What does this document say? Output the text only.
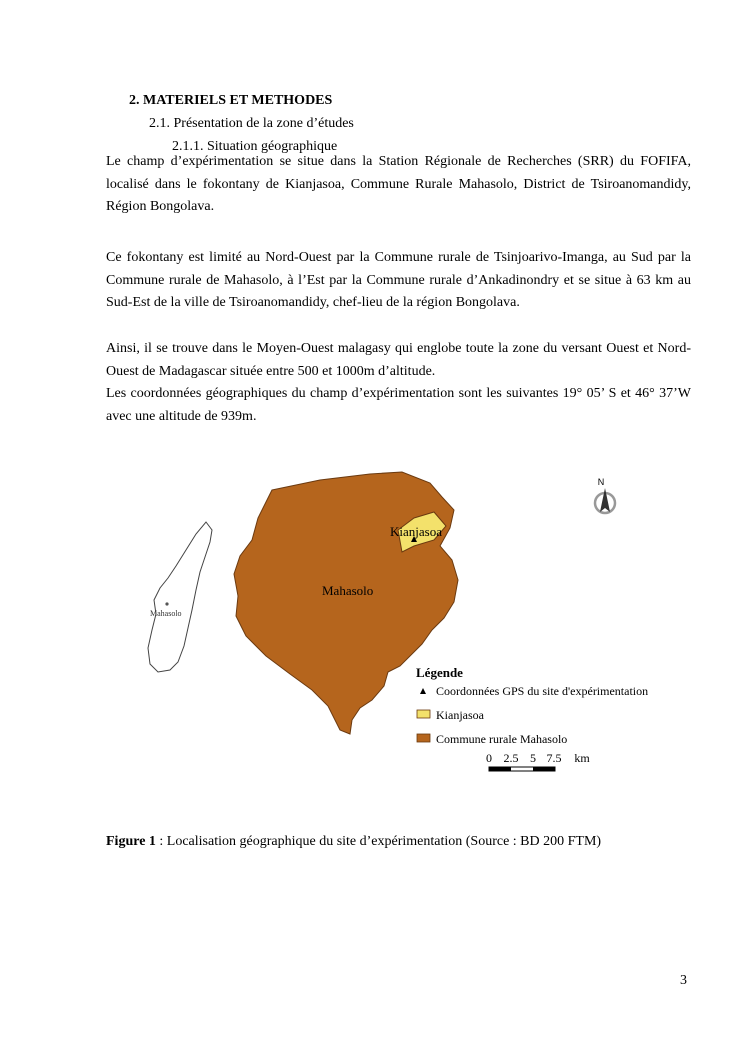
2. MATERIELS ET METHODES
2.1. Présentation de la zone d’études
2.1.1. Situation géographique

Le champ d’expérimentation se situe dans la Station Régionale de Recherches (SRR) du FOFIFA, localisé dans le fokontany de Kianjasoa, Commune Rurale Mahasolo, District de Tsiroanomandidy, Région Bongolava.

Ce fokontany est limité au Nord-Ouest par la Commune rurale de Tsinjoarivo-Imanga, au Sud par la Commune rurale de Mahasolo, à l’Est par la Commune rurale d’Ankadinondry et se situe à 63 km au Sud-Est de la ville de Tsiroanomandidy, chef-lieu de la région Bongolava.

Ainsi, il se trouve dans le Moyen-Ouest malagasy qui englobe toute la zone du versant Ouest et Nord-Ouest de Madagascar située entre 500 et 1000m d’altitude.

Les coordonnées géographiques du champ d’expérimentation sont les suivantes 19° 05’ S et 46° 37’W avec une altitude de 939m.

Mahasolo
Kianjasoa
Mahasolo
N
Légende
Coordonnées GPS du site d'expérimentation
Kianjasoa
Commune rurale Mahasolo
0 2.5 5 7.5 km
Figure 1 : Localisation géographique du site d’expérimentation (Source : BD 200 FTM)
3
